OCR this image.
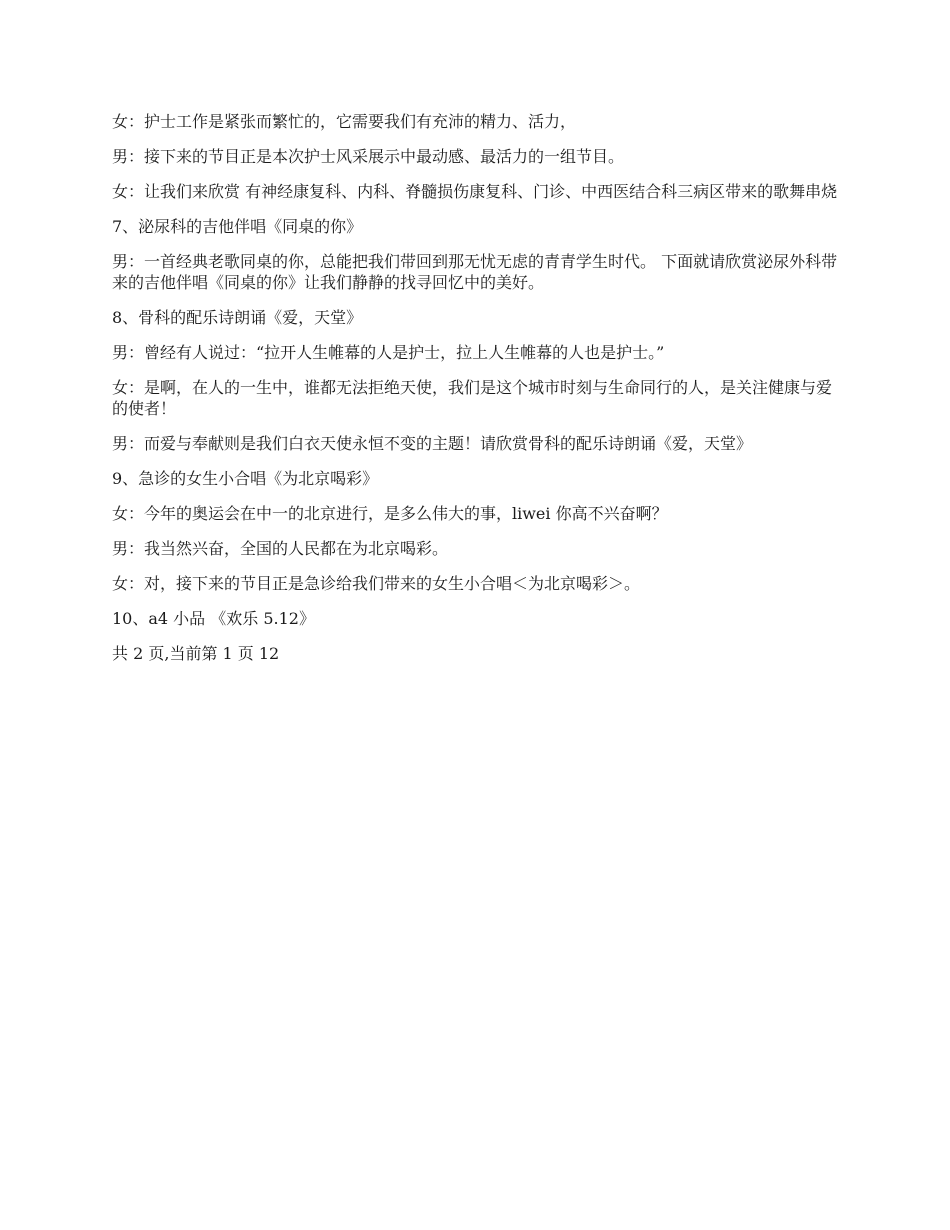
女：护士工作是紧张而繁忙的，它需要我们有充沛的精力、活力，

男：接下来的节目正是本次护士风采展示中最动感、最活力的一组节目。

女：让我们来欣赏 有神经康复科、内科、脊髓损伤康复科、门诊、中西医结合科三病区带来的歌舞串烧

7、泌尿科的吉他伴唱《同桌的你》

男：一首经典老歌同桌的你，总能把我们带回到那无忧无虑的青青学生时代。 下面就请欣赏泌尿外科带来的吉他伴唱《同桌的你》让我们静静的找寻回忆中的美好。

8、骨科的配乐诗朗诵《爱，天堂》

男：曾经有人说过：“拉开人生帷幕的人是护士，拉上人生帷幕的人也是护士。”

女：是啊，在人的一生中，谁都无法拒绝天使，我们是这个城市时刻与生命同行的人，是关注健康与爱的使者！

男：而爱与奉献则是我们白衣天使永恒不变的主题！请欣赏骨科的配乐诗朗诵《爱，天堂》

9、急诊的女生小合唱《为北京喝彩》

女：今年的奥运会在中一的北京进行，是多么伟大的事，liwei 你高不兴奋啊？

男：我当然兴奋，全国的人民都在为北京喝彩。

女：对，接下来的节目正是急诊给我们带来的女生小合唱＜为北京喝彩＞。

10、a4 小品 《欢乐 5.12》

共 2 页,当前第 1 页 12
